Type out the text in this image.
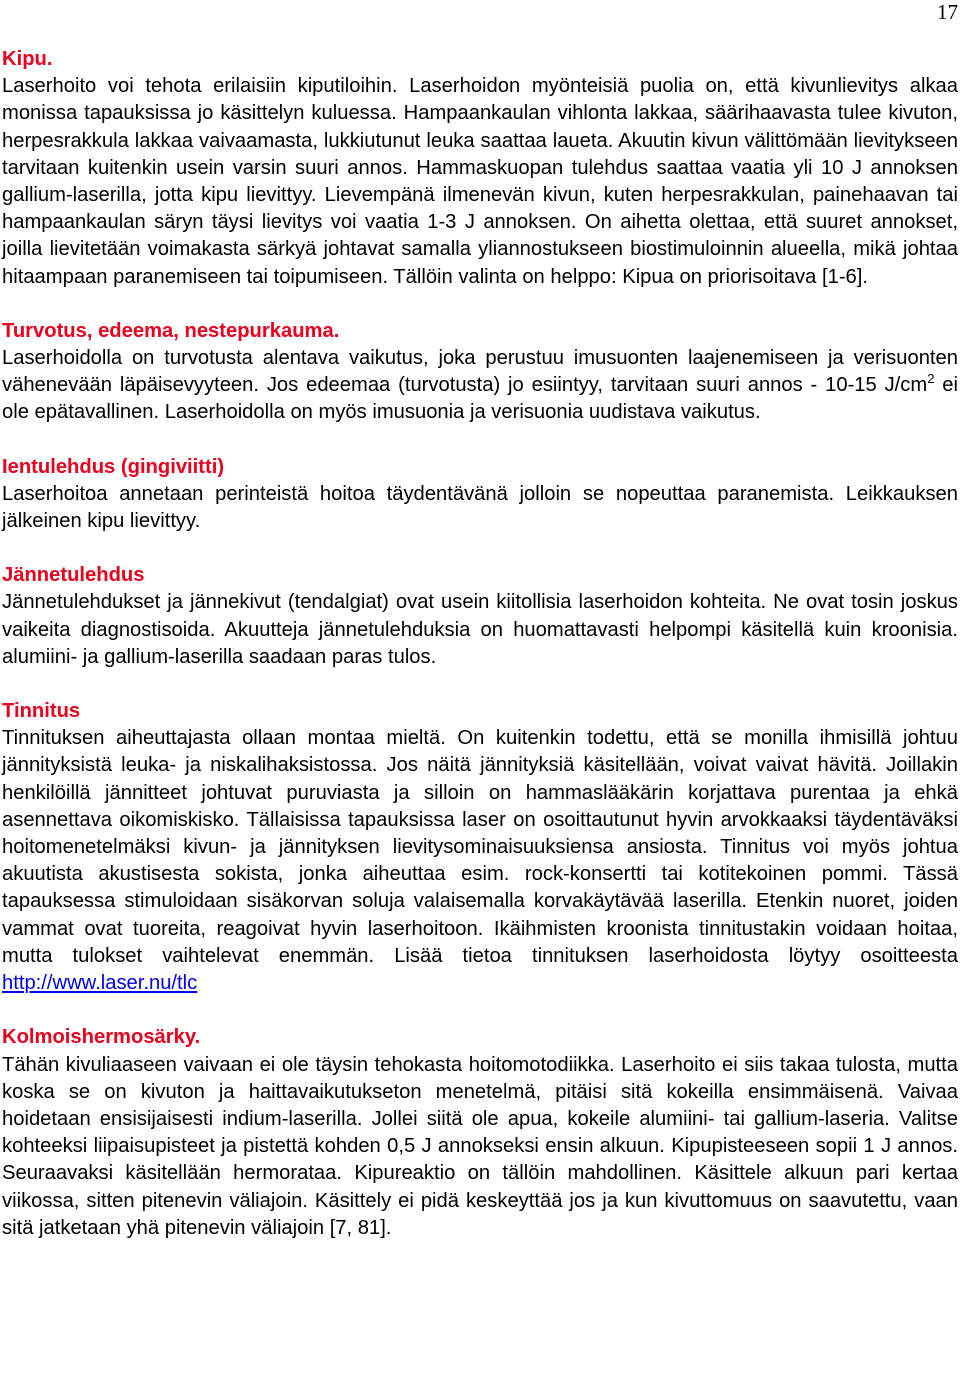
17
Kipu.

Laserhoito voi tehota erilaisiin kiputiloihin. Laserhoidon myönteisiä puolia on, että kivunlievitys alkaa monissa tapauksissa jo käsittelyn kuluessa. Hampaankaulan vihlonta lakkaa, säärihaavasta tulee kivuton, herpesrakkula lakkaa vaivaamasta, lukkiutunut leuka saattaa laueta. Akuutin kivun välittömään lievitykseen tarvitaan kuitenkin usein varsin suuri annos. Hammaskuopan tulehdus saattaa vaatia yli 10 J annoksen gallium-laserilla, jotta kipu lievittyy. Lievempänä ilmenevän kivun, kuten herpesrakkulan, painehaavan tai hampaankaulan säryn täysi lievitys voi vaatia 1-3 J annoksen. On aihetta olettaa, että suuret annokset, joilla lievitetään voimakasta särkyä johtavat samalla yliannostukseen biostimuloinnin alueella, mikä johtaa hitaampaan paranemiseen tai toipumiseen. Tällöin valinta on helppo: Kipua on priorisoitava [1-6].

Turvotus, edeema, nestepurkauma.

Laserhoidolla on turvotusta alentava vaikutus, joka perustuu imusuonten laajenemiseen ja verisuonten vähenevään läpäisevyyteen. Jos edeemaa (turvotusta) jo esiintyy, tarvitaan suuri annos - 10-15 $J/cm^2$ ei ole epätavallinen. Laserhoidolla on myös imusuonia ja verisuonia uudistava vaikutus.

Ientulehdus (gingiviitti)

Laserhoitoa annetaan perinteistä hoitoa täydentävänä jolloin se nopeuttaa paranemista. Leikkauksen jälkeinen kipu lievittyy.

Jännetulehdus

Jännetulehdukset ja jännekivut (tendalgiat) ovat usein kiitollisia laserhoidon kohteita. Ne ovat tosin joskus vaikeita diagnostisoida. Akuutteja jännetulehduksia on huomattavasti helpompi käsitellä kuin kroonisia. alumiini- ja gallium-laserilla saadaan paras tulos.

Tinnitus

Tinnituksen aiheuttajasta ollaan montaa mieltä. On kuitenkin todettu, että se monilla ihmisillä johtuu jännityksistä leuka- ja niskalihaksistossa. Jos näitä jännityksiä käsitellään, voivat vaivat hävitä. Joillakin henkilöillä jännitteet johtuvat puruviasta ja silloin on hammaslääkärin korjattava purentaa ja ehkä asennettava oikomiskisko. Tällaisissa tapauksissa laser on osoittautunut hyvin arvokkaaksi täydentäväksi hoitomenetelmäksi kivun- ja jännityksen lievitysominaisuuksiensa ansiosta. Tinnitus voi myös johtua akuutista akustisesta sokista, jonka aiheuttaa esim. rock-konsertti tai kotitekoinen pommi. Tässä tapauksessa stimuloidaan sisäkorvan soluja valaisemalla korvakäytävää laserilla. Etenkin nuoret, joiden vammat ovat tuoreita, reagoivat hyvin laserhoitoon. Ikäihmisten kroonista tinnitustakin voidaan hoitaa, mutta tulokset vaihtelevat enemmän. Lisää tietoa tinnituksen laserhoidosta löytyy osoitteesta http://www.laser.nu/tlc

Kolmoishermosärky.

Tähän kivuliaaseen vaivaan ei ole täysin tehokasta hoitomotodiikka. Laserhoito ei siis takaa tulosta, mutta koska se on kivuton ja haittavaikutukseton menetelmä, pitäisi sitä kokeilla ensimmäisenä. Vaivaa hoidetaan ensisijaisesti indium-laserilla. Jollei siitä ole apua, kokeile alumiini- tai gallium-laseria. Valitse kohteeksi liipaisupisteet ja pistettä kohden 0,5 J annokseksi ensin alkuun. Kipupisteeseen sopii 1 J annos. Seuraavaksi käsitellään hermorataa. Kipureaktio on tällöin mahdollinen. Käsittele alkuun pari kertaa viikossa, sitten pitenevin väliajoin. Käsittely ei pidä keskeyttää jos ja kun kivuttomuus on saavutettu, vaan sitä jatketaan yhä pitenevin väliajoin [7, 81].
